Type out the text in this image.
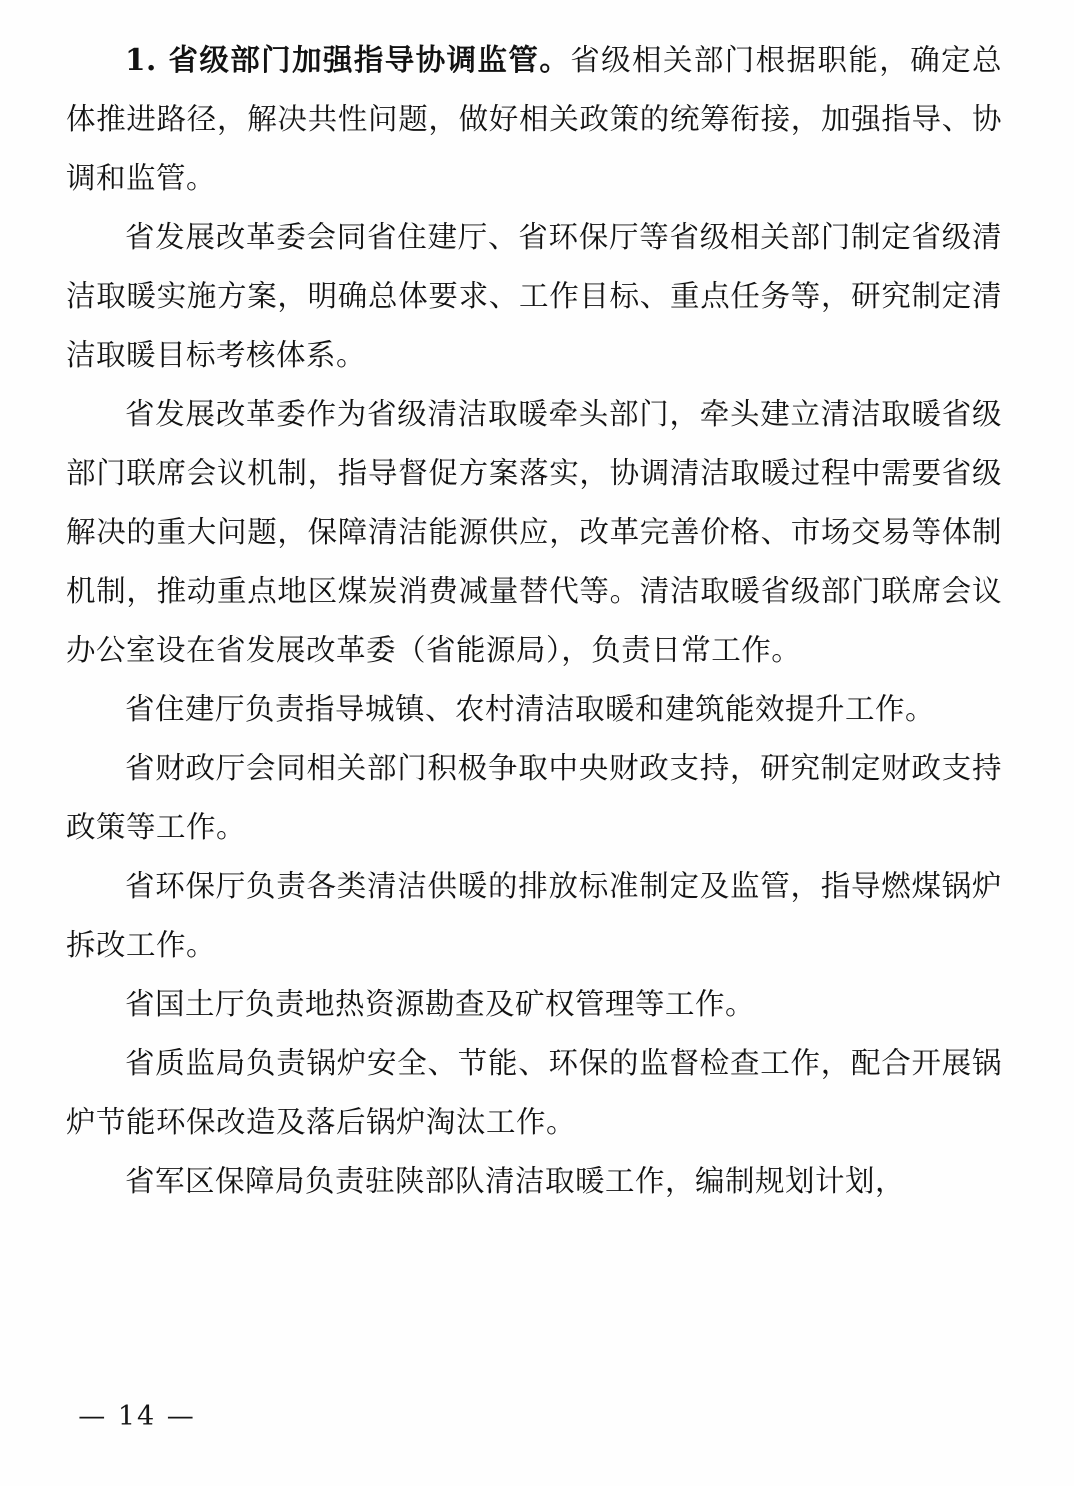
1. 省级部门加强指导协调监管。省级相关部门根据职能，确定总体推进路径，解决共性问题，做好相关政策的统筹衔接，加强指导、协调和监管。

省发展改革委会同省住建厅、省环保厅等省级相关部门制定省级清洁取暖实施方案，明确总体要求、工作目标、重点任务等，研究制定清洁取暖目标考核体系。

省发展改革委作为省级清洁取暖牵头部门，牵头建立清洁取暖省级部门联席会议机制，指导督促方案落实，协调清洁取暖过程中需要省级解决的重大问题，保障清洁能源供应，改革完善价格、市场交易等体制机制，推动重点地区煤炭消费减量替代等。清洁取暖省级部门联席会议办公室设在省发展改革委（省能源局），负责日常工作。

省住建厅负责指导城镇、农村清洁取暖和建筑能效提升工作。

省财政厅会同相关部门积极争取中央财政支持，研究制定财政支持政策等工作。

省环保厅负责各类清洁供暖的排放标准制定及监管，指导燃煤锅炉拆改工作。

省国土厅负责地热资源勘查及矿权管理等工作。

省质监局负责锅炉安全、节能、环保的监督检查工作，配合开展锅炉节能环保改造及落后锅炉淘汰工作。

省军区保障局负责驻陕部队清洁取暖工作，编制规划计划，

— 14 —
